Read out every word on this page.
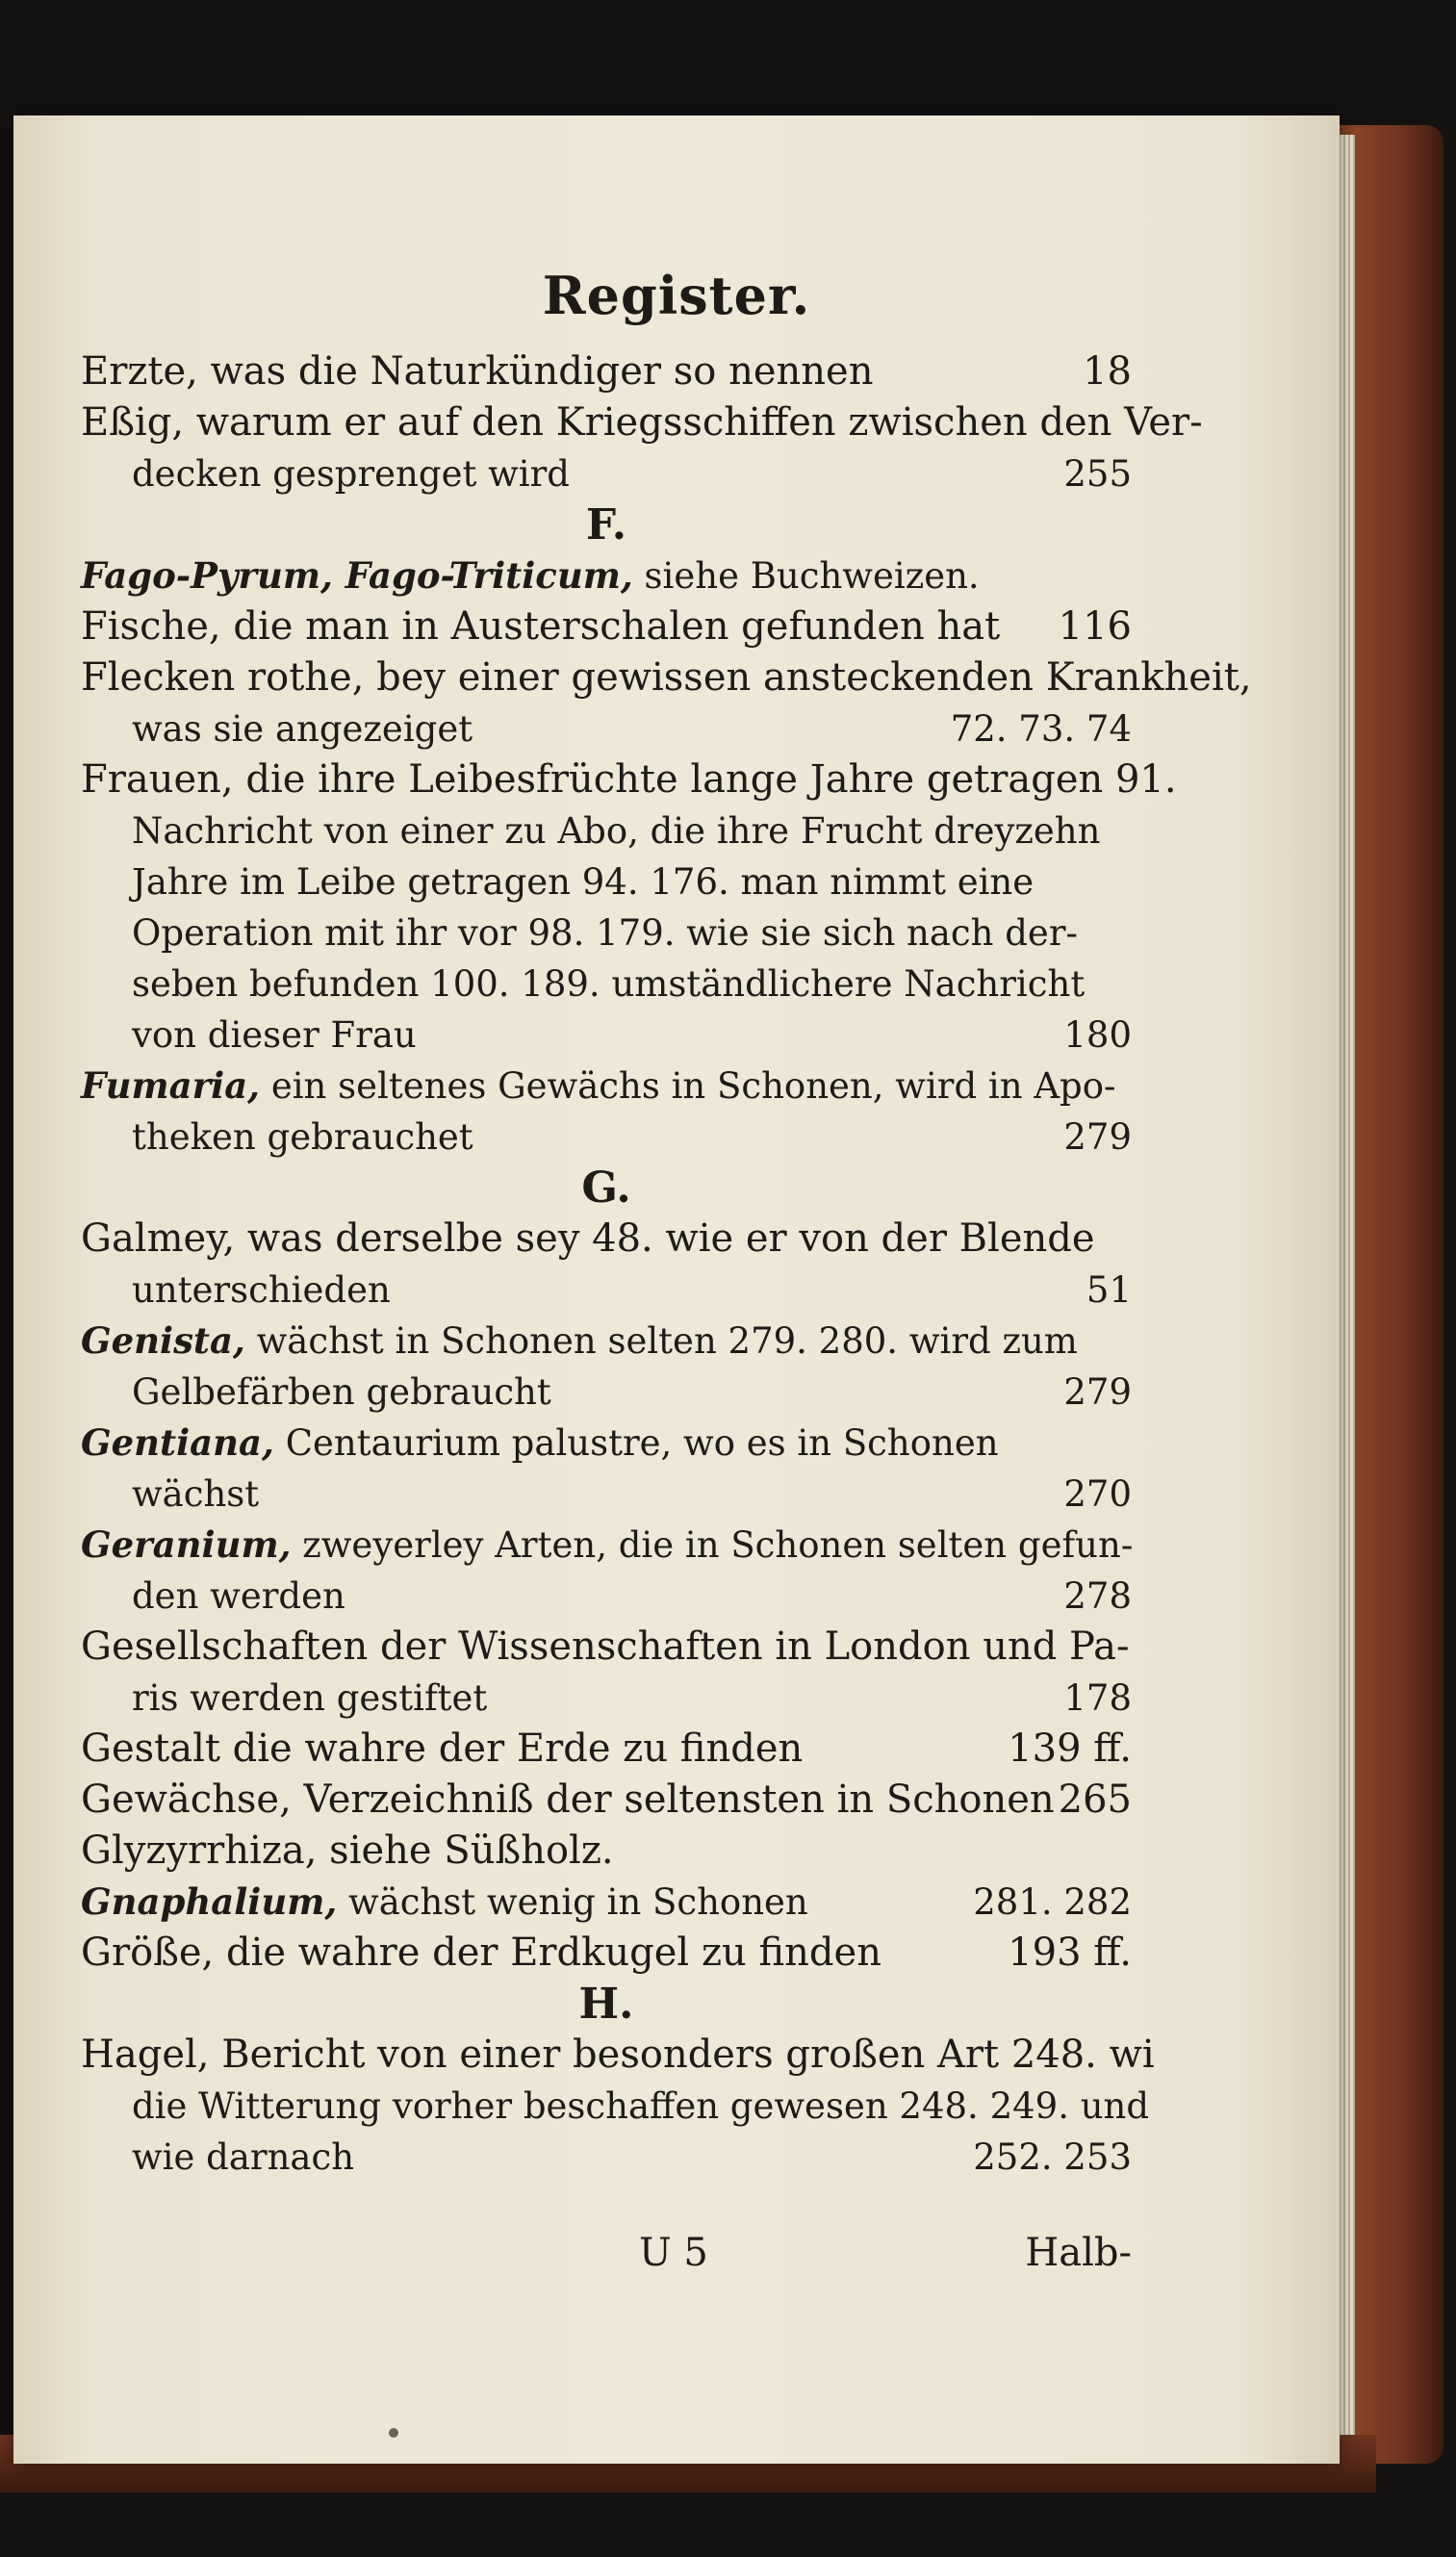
Register.
Erzte, was die Naturkündiger so nennen	18
Eßig, warum er auf den Kriegsschiffen zwischen den Ver-
decken gesprenget wird	255
F.
Fago-Pyrum, Fago-Triticum, siehe Buchweizen.
Fische, die man in Austerschalen gefunden hat 116
Flecken rothe, bey einer gewissen ansteckenden Krankheit,
was sie angezeiget	72. 73. 74
Frauen, die ihre Leibesfrüchte lange Jahre getragen 91.
Nachricht von einer zu Abo, die ihre Frucht dreyzehn
Jahre im Leibe getragen 94. 176. man nimmt eine
Operation mit ihr vor 98. 179. wie sie sich nach der-
seben befunden 100. 189. umständlichere Nachricht
von dieser Frau	180
Fumaria, ein seltenes Gewächs in Schonen, wird in Apo-
theken gebrauchet	279
G.
Galmey, was derselbe sey 48. wie er von der Blende
unterschieden	51
Genista, wächst in Schonen selten 279. 280. wird zum
Gelbefärben gebraucht	279
Gentiana, Centaurium palustre, wo es in Schonen
wächst	270
Geranium, zweyerley Arten, die in Schonen selten gefun-
den werden	278
Gesellschaften der Wissenschaften in London und Pa-
ris werden gestiftet	178
Gestalt die wahre der Erde zu finden	139 ff.
Gewächse, Verzeichniß der seltensten in Schonen 265
Glyzyrrhiza, siehe Süßholz.
Gnaphalium, wächst wenig in Schonen	281. 282
Größe, die wahre der Erdkugel zu finden	193 ff.
H.
Hagel, Bericht von einer besonders großen Art 248. wi
die Witterung vorher beschaffen gewesen 248. 249. und
wie darnach	252. 253
U 5	Halb-
